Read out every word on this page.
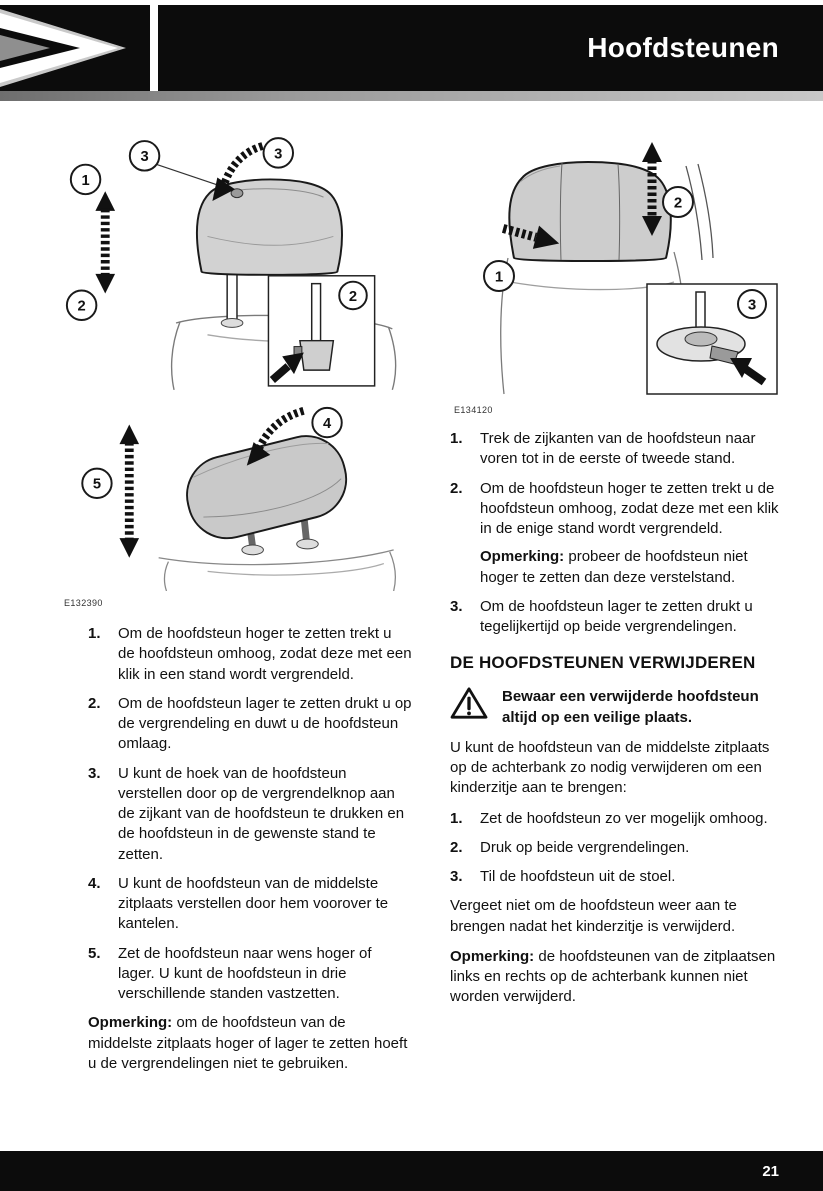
Hoofdsteunen
1
2
3	3
2
4
5
E132390
1.	Om de hoofdsteun hoger te zetten trekt u de hoofdsteun omhoog, zodat deze met een klik in een stand wordt vergrendeld.
2.	Om de hoofdsteun lager te zetten drukt u op de vergrendeling en duwt u de hoofdsteun omlaag.
3.	U kunt de hoek van de hoofdsteun verstellen door op de vergrendelknop aan de zijkant van de hoofdsteun te drukken en de hoofdsteun in de gewenste stand te zetten.
4.	U kunt de hoofdsteun van de middelste zitplaats verstellen door hem voorover te kantelen.
5.	Zet de hoofdsteun naar wens hoger of lager. U kunt de hoofdsteun in drie verschillende standen vastzetten.

Opmerking: om de hoofdsteun van de middelste zitplaats hoger of lager te zetten hoeft u de vergrendelingen niet te gebruiken.

1
2
3
E134120
1.	Trek de zijkanten van de hoofdsteun naar voren tot in de eerste of tweede stand.
2.	Om de hoofdsteun hoger te zetten trekt u de hoofdsteun omhoog, zodat deze met een klik in de enige stand wordt vergrendeld.
Opmerking: probeer de hoofdsteun niet hoger te zetten dan deze verstelstand.
3.	Om de hoofdsteun lager te zetten drukt u tegelijkertijd op beide vergrendelingen.
DE HOOFDSTEUNEN VERWIJDEREN
Bewaar een verwijderde hoofdsteun altijd op een veilige plaats.

U kunt de hoofdsteun van de middelste zitplaats op de achterbank zo nodig verwijderen om een kinderzitje aan te brengen:

1.	Zet de hoofdsteun zo ver mogelijk omhoog.
2.	Druk op beide vergrendelingen.
3.	Til de hoofdsteun uit de stoel.

Vergeet niet om de hoofdsteun weer aan te brengen nadat het kinderzitje is verwijderd.

Opmerking: de hoofdsteunen van de zitplaatsen links en rechts op de achterbank kunnen niet worden verwijderd.

21
